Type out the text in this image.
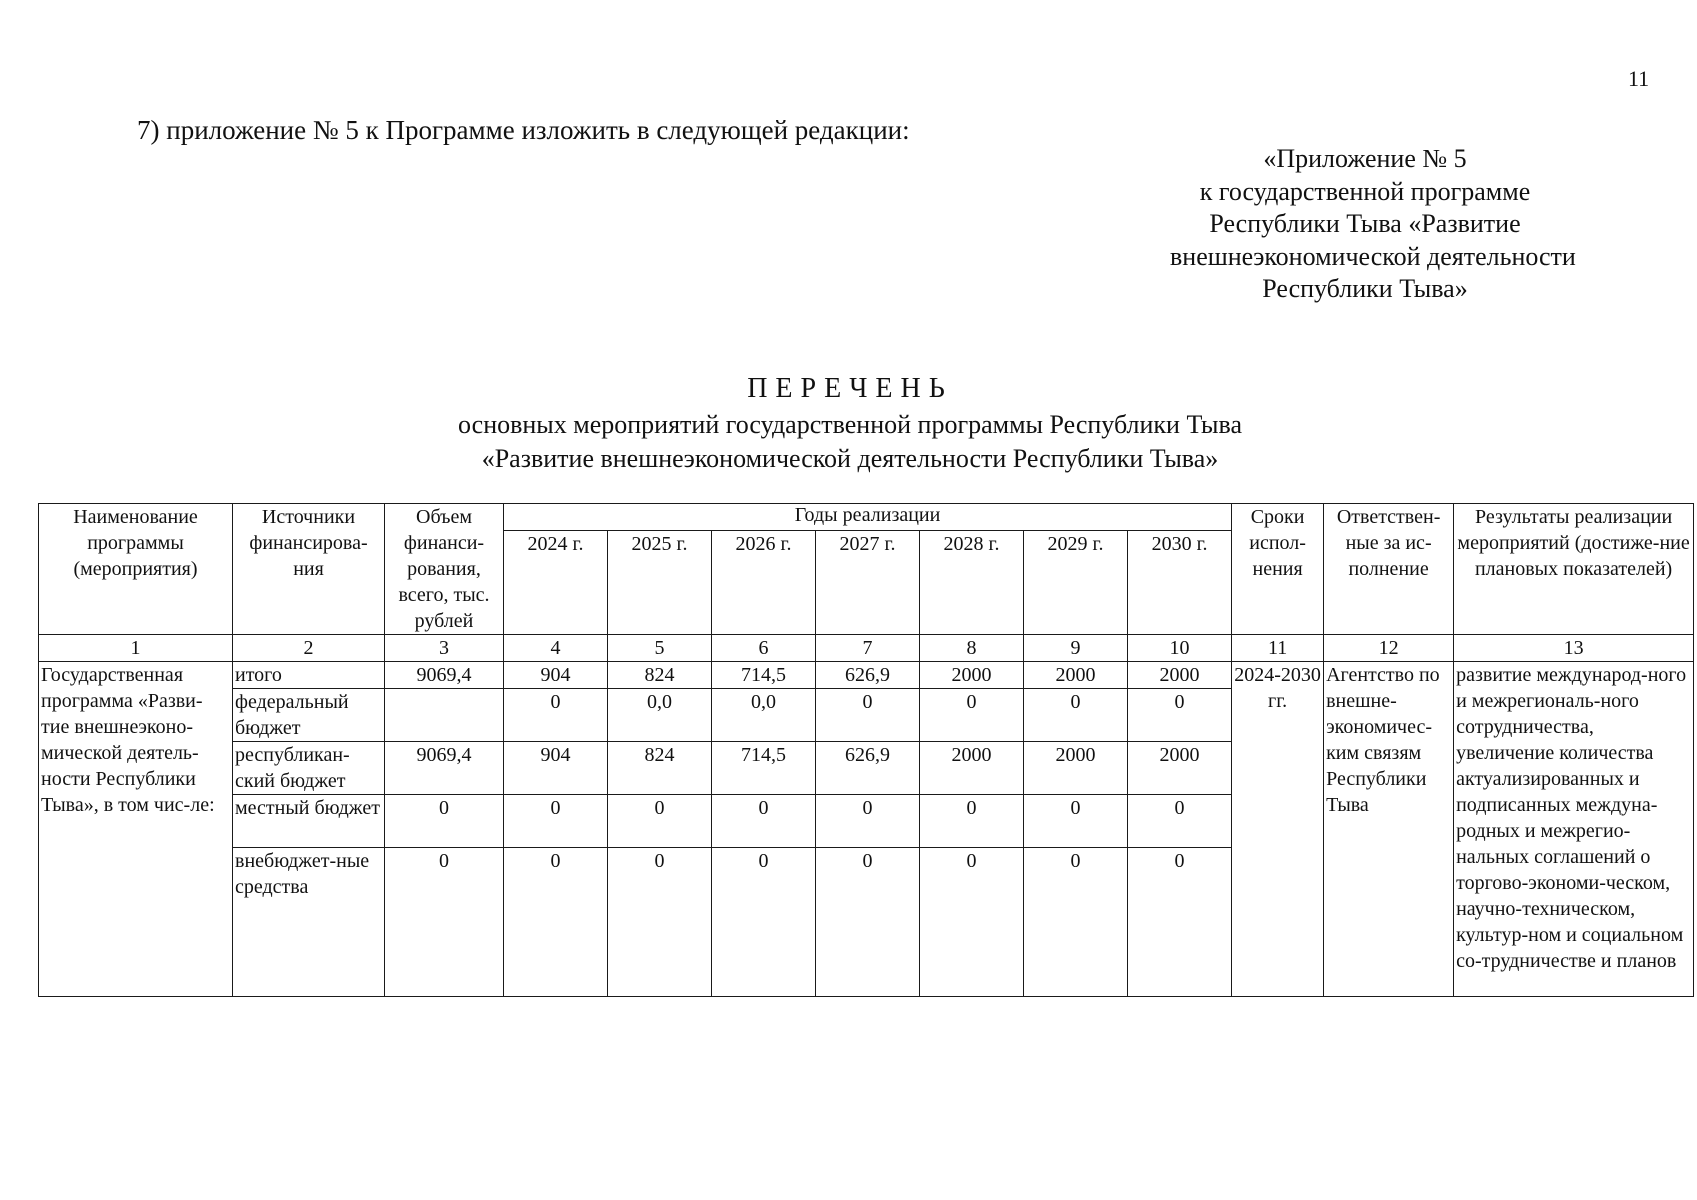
11
7) приложение № 5 к Программе изложить в следующей редакции:
«Приложение № 5
к государственной программе
Республики Тыва «Развитие
внешнеэкономической деятельности
Республики Тыва»
ПЕРЕЧЕНЬ
основных мероприятий государственной программы Республики Тыва
«Развитие внешнеэкономической деятельности Республики Тыва»
Наименование программы (мероприятия)	Источники финансирова-ния	Объем финанси-рования, всего, тыс. рублей	Годы реализации							Сроки испол-нения	Ответствен-ные за ис-полнение	Результаты реализации мероприятий (достиже-ние плановых показателей)
			2024 г.	2025 г.	2026 г.	2027 г.	2028 г.	2029 г.	2030 г.			
1	2	3	4	5	6	7	8	9	10	11	12	13
Государственная программа «Разви-тие внешнеэконо-мической деятель-ности Республики Тыва», в том чис-ле:	итого	9069,4	904	824	714,5	626,9	2000	2000	2000	2024-2030 гг.	Агентство по внешне-экономичес-ким связям Республики Тыва	развитие международ-ного и межрегиональ-ного сотрудничества, увеличение количества актуализированных и подписанных междуна-родных и межрегио-нальных соглашений о торгово-экономи-ческом, научно-техническом, культур-ном и социальном со-трудничестве и планов
	федеральный бюджет		0	0,0	0,0	0	0	0	0			
	республикан-ский бюджет	9069,4	904	824	714,5	626,9	2000	2000	2000			
	местный бюджет	0	0	0	0	0	0	0	0			
	внебюджет-ные средства	0	0	0	0	0	0	0	0			
